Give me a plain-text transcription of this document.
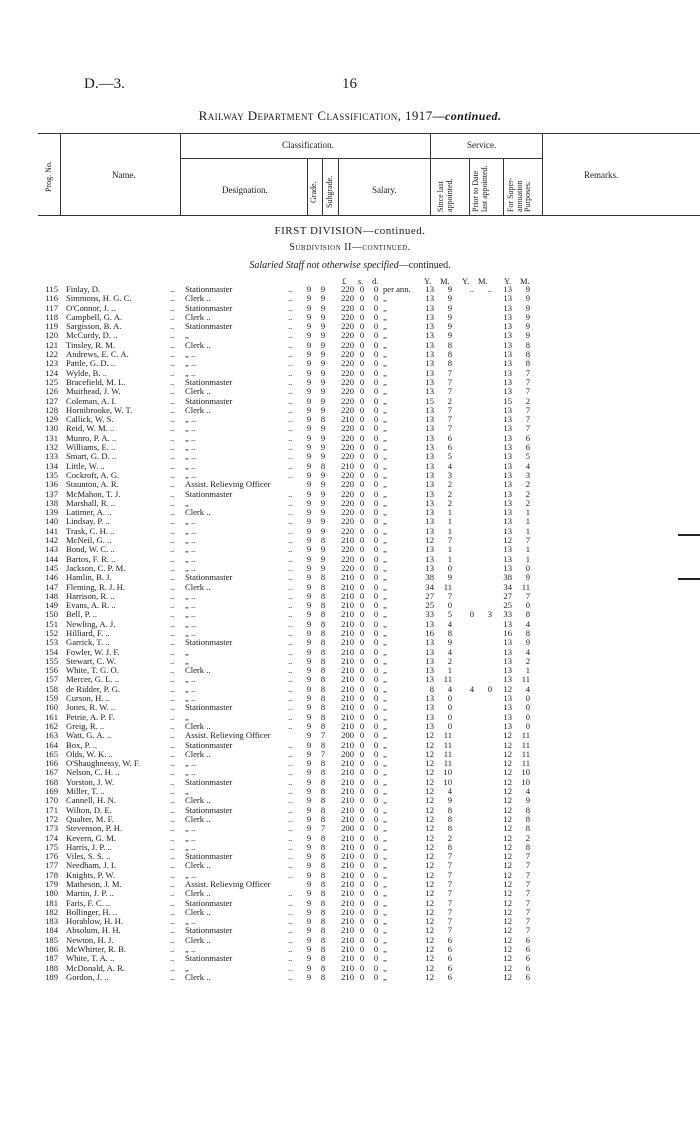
D.—3.	16
Railway Department Classification, 1917—continued.
Prog. No.	Name.
Classification.	Service.
Remarks.
Designation.	Grade. Subgrade.	Salary.	Since last appointed. Prior to Date last appointed. For Super-annuation Purposes.
FIRST DIVISION—continued.
Subdivision II—continued.
Salaried Staff not otherwise specified—continued.
£ s. d.	Y. M. Y. M. Y. M.
115 Finlay, D.	.. Stationmaster	..	9	9	220 0 0 per ann.	13	9	..	..	13	9
116 Simmons, H. G. C.	.. Clerk ..	..	9	9	220 0 0 „	13	9	13	9
117 O'Connor, J. ..	.. Stationmaster	..	9	9	220 0 0 „	13	9	13	9
118 Campbell, G. A.	.. Clerk ..	..	9	9	220 0 0 „	13	9	13	9
119 Sargisson, B. A.	.. Stationmaster	..	9	9	220 0 0 „	13	9	13	9
120 McCurdy, D. ..	.. „	..	9	9	220 0 0 „	13	9	13	9
121 Tinsley, R. M.	.. Clerk ..	..	9	9	220 0 0 „	13	8	13	8
122 Andrews, E. C. A.	.. „ ..	..	9	9	220 0 0 „	13	8	13	8
123 Pattle, G. D. ..	.. „ ..	..	9	9	220 0 0 „	13	8	13	8
124 Wylde, B. ..	.. „ ..	..	9	9	220 0 0 „	13	7	13	7
125 Bracefield, M. L.	.. Stationmaster	..	9	9	220 0 0 „	13	7	13	7
126 Muirhead, J. W.	.. Clerk ..	..	9	9	220 0 0 „	13	7	13	7
127 Coleman, A. I.	.. Stationmaster	..	9	9	220 0 0 „	15	2	15	2
128 Hornibrooke, W. T.	.. Clerk ..	..	9	9	220 0 0 „	13	7	13	7
129 Callick, W. S.	.. „ ..	..	9	8	210 0 0 „	13	7	13	7
130 Reid, W. M. ..	.. „ ..	..	9	9	220 0 0 „	13	7	13	7
131 Munro, P. A. ..	.. „ ..	..	9	9	220 0 0 „	13	6	13	6
132 Williams, E. ..	.. „ ..	..	9	9	220 0 0 „	13	6	13	6
133 Smart, G. D. ..	.. „ ..	..	9	9	220 0 0 „	13	5	13	5
134 Little, W. ..	.. „ ..	..	9	8	210 0 0 „	13	4	13	4
135 Cockroft, A. G.	.. „ ..	..	9	9	220 0 0 „	13	3	13	3
136 Staunton, A. R.	.. Assist. Relieving Officer	9	9	220 0 0 „	13	2	13	2
137 McMahon, T. J.	.. Stationmaster	..	9	9	220 0 0 „	13	2	13	2
138 Marshall, R. ..	.. „	..	9	9	220 0 0 „	13	2	13	2
139 Latimer, A. ..	.. Clerk ..	..	9	9	220 0 0 „	13	1	13	1
140 Lindsay, P. ..	.. „ ..	..	9	9	220 0 0 „	13	1	13	1
141 Trask, C. H. ..	.. „ ..	..	9	9	220 0 0 „	13	1	13	1
142 McNeil, G. ..	.. „ ..	..	9	8	210 0 0 „	12	7	12	7
143 Bond, W. C. ..	.. „ ..	..	9	9	220 0 0 „	13	1	13	1
144 Bartos, F. R. ..	.. „ ..	..	9	9	220 0 0 „	13	1	13	1
145 Jackson, C. P. M.	.. „ ..	..	9	9	220 0 0 „	13	0	13	0
146 Hamlin, B. J.	.. Stationmaster	..	9	8	210 0 0 „	38	9	38	9
147 Fleming, R. J. H.	.. Clerk ..	..	9	8	210 0 0 „	34	11	34	11
148 Harrison, R. ..	.. „ ..	..	9	8	210 0 0 „	27	7	27	7
149 Evans, A. R. ..	.. „ ..	..	9	8	210 0 0 „	25	0	25	0
150 Bell, P. ..	.. „ ..	..	9	8	210 0 0 „	33	5	0	3	33	8
151 Newling, A. J.	.. „ ..	..	9	8	210 0 0 „	13	4	13	4
152 Hilliard, F. ..	.. „ ..	..	9	8	210 0 0 „	16	8	16	8
153 Garrick, T. ..	.. Stationmaster	..	9	8	210 0 0 „	13	9	13	9
154 Fowler, W. J. F.	.. „	..	9	8	210 0 0 „	13	4	13	4
155 Stewart, C. W.	.. „	..	9	8	210 0 0 „	13	2	13	2
156 White, T. G. O.	.. Clerk ..	..	9	8	210 0 0 „	13	1	13	1
157 Mercer, G. L. ..	.. „ ..	..	9	8	210 0 0 „	13	11	13	11
158 de Ridder, P. G.	.. „ ..	..	9	8	210 0 0 „	8	4	4	0	12	4
159 Curson, H. ..	.. „ ..	..	9	8	210 0 0 „	13	0	13	0
160 Jones, R. W. ..	.. Stationmaster	..	9	8	210 0 0 „	13	0	13	0
161 Petrie, A. P. F.	.. „	..	9	8	210 0 0 „	13	0	13	0
162 Greig, R. ..	.. Clerk ..	..	9	8	210 0 0 „	13	0	13	0
163 Watt, G. A. ..	.. Assist. Relieving Officer	9	7	200 0 0 „	12	11	12	11
164 Box, P. ..	.. Stationmaster	..	9	8	210 0 0 „	12	11	12	11
165 Olds, W. K. ..	.. Clerk ..	..	9	7	200 0 0 „	12	11	12	11
166 O'Shaughnessy, W. F.	.. „ ..	..	9	8	210 0 0 „	12	11	12	11
167 Nelson, C. H. ..	.. „ ..	..	9	8	210 0 0 „	12	10	12	10
168 Yorston, J. W.	.. Stationmaster	..	9	8	210 0 0 „	12	10	12	10
169 Miller, T. ..	.. „	..	9	8	210 0 0 „	12	4	12	4
170 Cannell, H. N.	.. Clerk ..	..	9	8	210 0 0 „	12	9	12	9
171 Wilton, D. E.	.. Stationmaster	..	9	8	210 0 0 „	12	8	12	8
172 Qualter, M. F.	.. Clerk ..	..	9	8	210 0 0 „	12	8	12	8
173 Stevenson, P. H.	.. „ ..	..	9	7	200 0 0 „	12	8	12	8
174 Kevern, G. M.	.. „ ..	..	9	8	210 0 0 „	12	2	12	2
175 Harris, J. P. ..	.. „ ..	..	9	8	210 0 0 „	12	8	12	8
176 Viles, S. S. ..	.. Stationmaster	..	9	8	210 0 0 „	12	7	12	7
177 Needham, J. I.	.. Clerk ..	..	9	8	210 0 0 „	12	7	12	7
178 Knights, P. W.	.. „ ..	..	9	8	210 0 0 „	12	7	12	7
179 Matheson, J. M.	.. Assist. Relieving Officer	9	8	210 0 0 „	12	7	12	7
180 Martin, J. P. ..	.. Clerk ..	..	9	8	210 0 0 „	12	7	12	7
181 Faris, F. C. ..	.. Stationmaster	..	9	8	210 0 0 „	12	7	12	7
182 Bollinger, H. ..	.. Clerk ..	..	9	8	210 0 0 „	12	7	12	7
183 Horablow, H. H.	.. „ ..	..	9	8	210 0 0 „	12	7	12	7
184 Absolum, H. H.	.. Stationmaster	..	9	8	210 0 0 „	12	7	12	7
185 Newton, H. J.	.. Clerk ..	..	9	8	210 0 0 „	12	6	12	6
186 McWhirter, R. B.	.. „ ..	..	9	8	210 0 0 „	12	6	12	6
187 White, T. A. ..	.. Stationmaster	..	9	8	210 0 0 „	12	6	12	6
188 McDonald, A. R.	.. „	..	9	8	210 0 0 „	12	6	12	6
189 Gordon, J. ..	.. Clerk ..	..	9	8	210 0 0 „	12	6	12	6
